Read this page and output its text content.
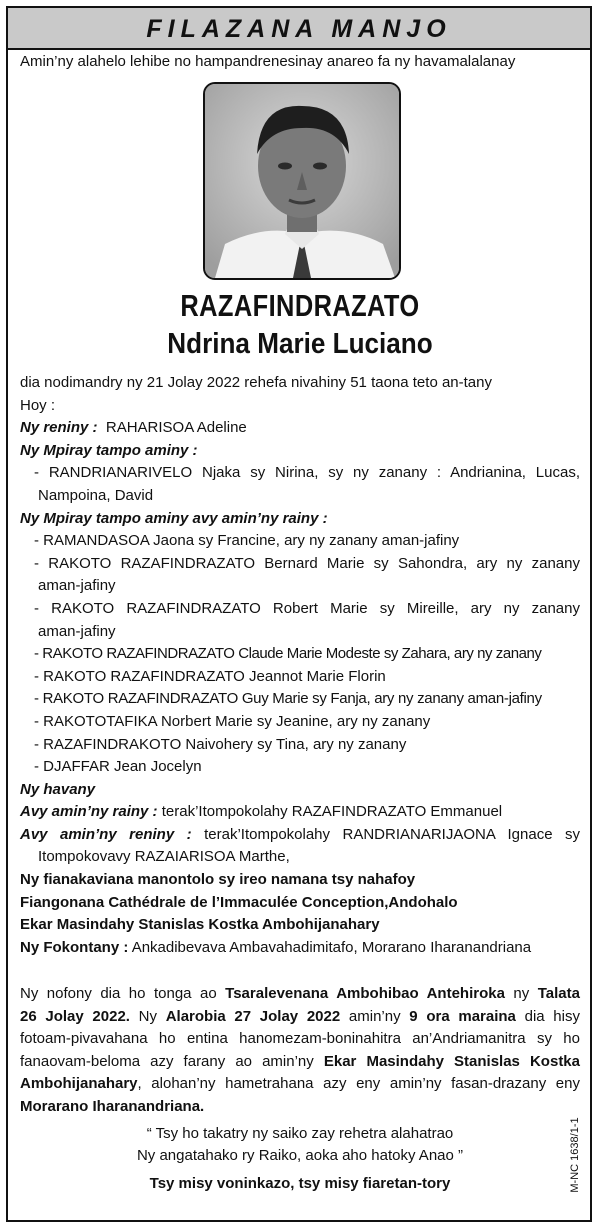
FILAZANA MANJO
Amin’ny alahelo lehibe no hampandrenesinay anareo fa ny havamalalanay
RAZAFINDRAZATO
Ndrina Marie Luciano
dia nodimandry ny 21 Jolay 2022 rehefa nivahiny 51 taona teto an-tany
Hoy :
Ny reniny : RAHARISOA Adeline
Ny Mpiray tampo aminy :
- RANDRIANARIVELO Njaka sy Nirina, sy ny zanany : Andrianina, Lucas,
Nampoina, David
Ny Mpiray tampo aminy avy amin’ny rainy :
- RAMANDASOA Jaona sy Francine, ary ny zanany aman-jafiny
- RAKOTO RAZAFINDRAZATO Bernard Marie sy Sahondra, ary ny zanany
aman-jafiny
- RAKOTO RAZAFINDRAZATO Robert Marie sy Mireille, ary ny zanany
aman-jafiny
- RAKOTO RAZAFINDRAZATO Claude Marie Modeste sy Zahara, ary ny zanany
- RAKOTO RAZAFINDRAZATO Jeannot Marie Florin
- RAKOTO RAZAFINDRAZATO Guy Marie sy Fanja, ary ny zanany aman-jafiny
- RAKOTOTAFIKA Norbert Marie sy Jeanine, ary ny zanany
- RAZAFINDRAKOTO Naivohery sy Tina, ary ny zanany
- DJAFFAR Jean Jocelyn
Ny havany
Avy amin’ny rainy : terak’Itompokolahy RAZAFINDRAZATO Emmanuel
Avy amin’ny reniny : terak’Itompokolahy RANDRIANARIJAONA Ignace sy
Itompokovavy RAZAIARISOA Marthe,
Ny fianakaviana manontolo sy ireo namana tsy nahafoy
Fiangonana Cathédrale de l’Immaculée Conception,Andohalo
Ekar Masindahy Stanislas Kostka Ambohijanahary
Ny Fokontany : Ankadibevava Ambavahadimitafo, Morarano Iharanandriana
Ny nofony dia ho tonga ao Tsaralevenana Ambohibao Antehiroka ny Talata
26 Jolay 2022. Ny Alarobia 27 Jolay 2022 amin’ny 9 ora maraina dia hisy
fotoam-pivavahana ho entina hanomezam-boninahitra an’Andriamanitra sy ho
fanaovam-beloma azy farany ao amin’ny Ekar Masindahy Stanislas Kostka
Ambohijanahary, alohan’ny hametrahana azy eny amin’ny fasan-drazany eny
Morarano Iharanandriana.
“ Tsy ho takatry ny saiko zay rehetra alahatrao
Ny angatahako ry Raiko, aoka aho hatoky Anao ”
Tsy misy voninkazo, tsy misy fiaretan-tory	M-NC 1638/1-1
